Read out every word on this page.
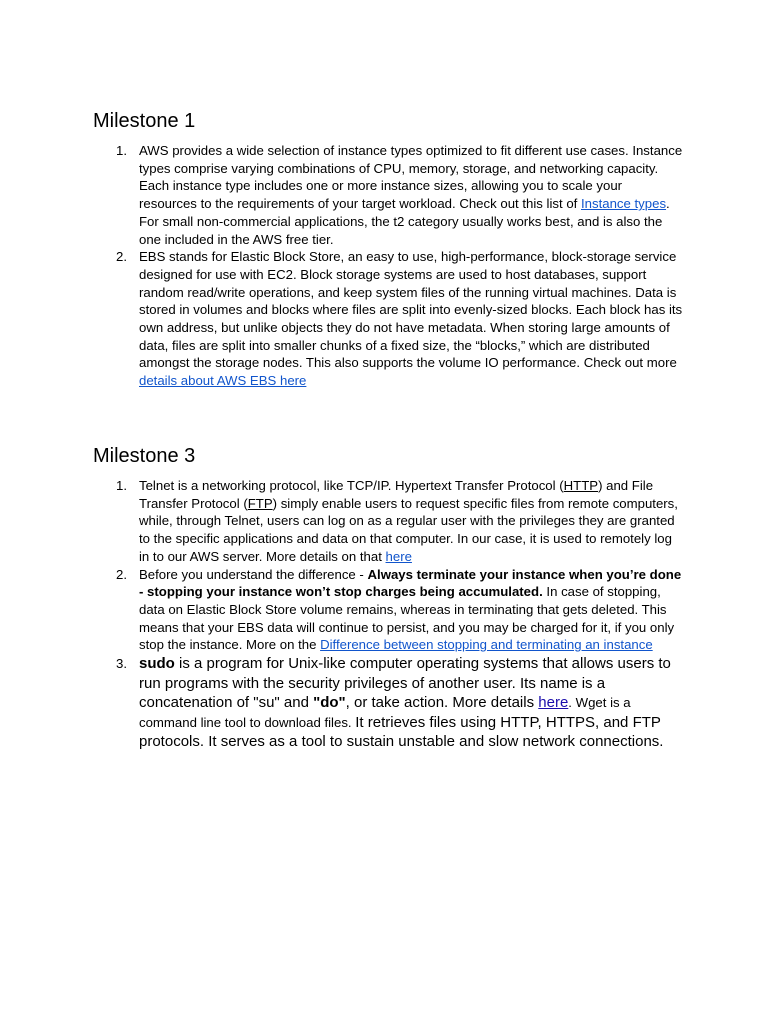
Milestone 1
1. AWS provides a wide selection of instance types optimized to fit different use cases. Instance types comprise varying combinations of CPU, memory, storage, and networking capacity. Each instance type includes one or more instance sizes, allowing you to scale your resources to the requirements of your target workload. Check out this list of Instance types. For small non-commercial applications, the t2 category usually works best, and is also the one included in the AWS free tier.
2. EBS stands for Elastic Block Store, an easy to use, high-performance, block-storage service designed for use with EC2. Block storage systems are used to host databases, support random read/write operations, and keep system files of the running virtual machines. Data is stored in volumes and blocks where files are split into evenly-sized blocks. Each block has its own address, but unlike objects they do not have metadata. When storing large amounts of data, files are split into smaller chunks of a fixed size, the “blocks,” which are distributed amongst the storage nodes. This also supports the volume IO performance. Check out more details about AWS EBS here
Milestone 3
1. Telnet is a networking protocol, like TCP/IP. Hypertext Transfer Protocol (HTTP) and File Transfer Protocol (FTP) simply enable users to request specific files from remote computers, while, through Telnet, users can log on as a regular user with the privileges they are granted to the specific applications and data on that computer. In our case, it is used to remotely log in to our AWS server. More details on that here
2. Before you understand the difference - Always terminate your instance when you’re done - stopping your instance won’t stop charges being accumulated. In case of stopping, data on Elastic Block Store volume remains, whereas in terminating that gets deleted. This means that your EBS data will continue to persist, and you may be charged for it, if you only stop the instance. More on the Difference between stopping and terminating an instance
3. sudo is a program for Unix-like computer operating systems that allows users to run programs with the security privileges of another user. Its name is a concatenation of "su" and "do", or take action. More details here. Wget is a command line tool to download files. It retrieves files using HTTP, HTTPS, and FTP protocols. It serves as a tool to sustain unstable and slow network connections.
